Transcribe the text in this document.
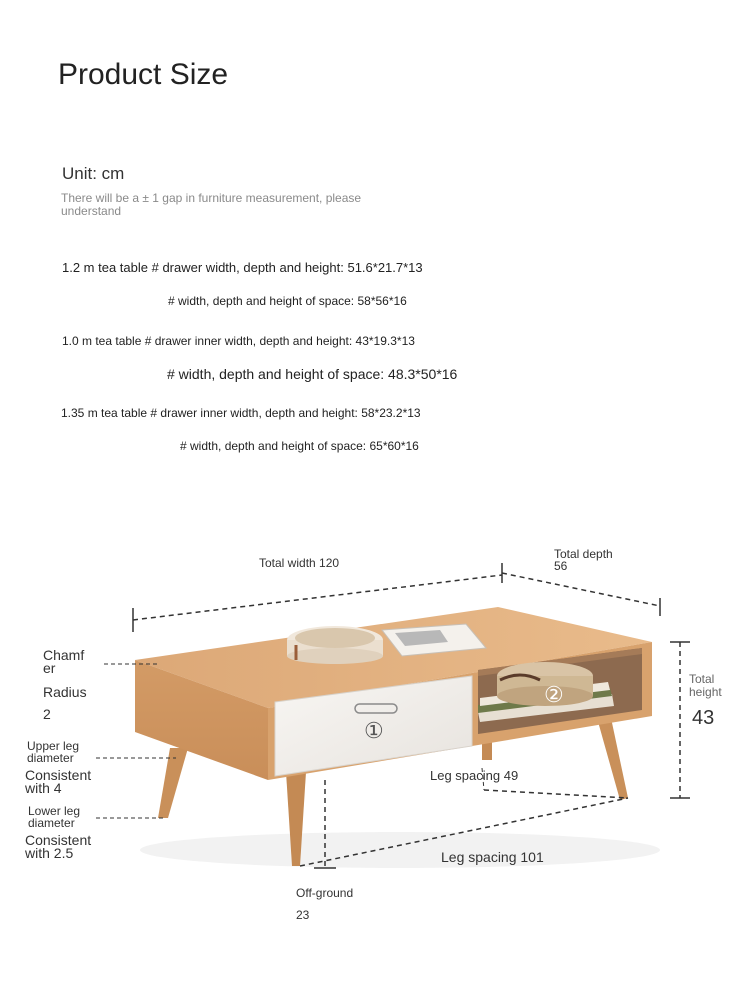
Product Size
Unit: cm
There will be a ± 1 gap in furniture measurement, please understand
1.2 m tea table # drawer width, depth and height: 51.6*21.7*13
# width, depth and height of space: 58*56*16
1.0 m tea table # drawer inner width, depth and height: 43*19.3*13
# width, depth and height of space: 48.3*50*16
1.35 m tea table # drawer inner width, depth and height: 58*23.2*13
# width, depth and height of space: 65*60*16
①
②
Total width 120
Total depth
56
Chamf
er
Radius
2
Total
height
43
Upper leg
diameter
Consistent
with 4
Lower leg
diameter
Consistent
with 2.5
Leg spacing 49
Leg spacing 101
Off-ground
23
